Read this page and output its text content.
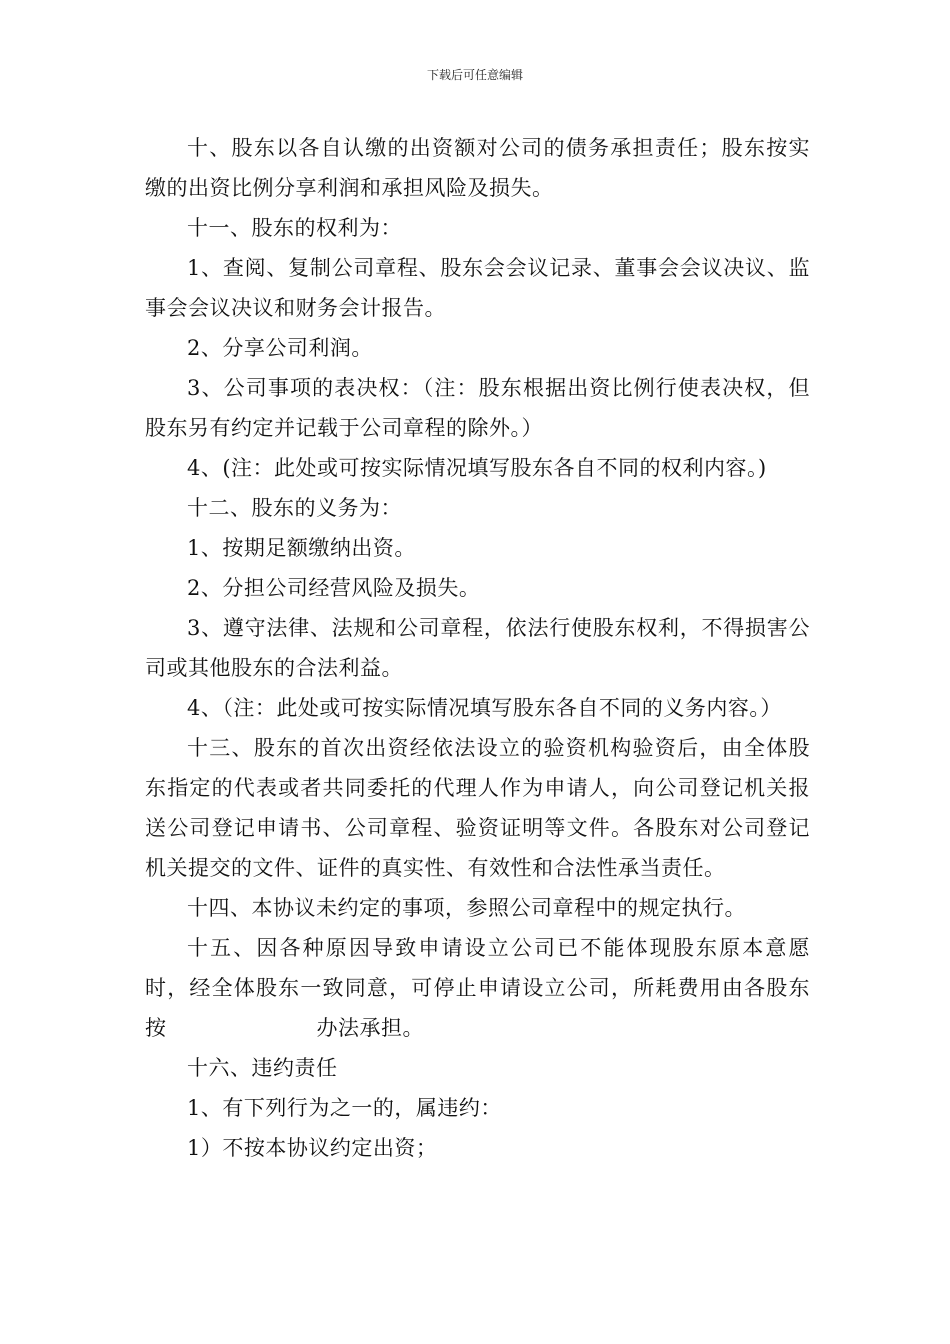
下载后可任意编辑

十、股东以各自认缴的出资额对公司的债务承担责任；股东按实缴的出资比例分享利润和承担风险及损失。

十一、股东的权利为：

1、查阅、复制公司章程、股东会会议记录、董事会会议决议、监事会会议决议和财务会计报告。

2、分享公司利润。

3、公司事项的表决权：（注：股东根据出资比例行使表决权，但股东另有约定并记载于公司章程的除外。）

4、(注：此处或可按实际情况填写股东各自不同的权利内容。)

十二、股东的义务为：

1、按期足额缴纳出资。

2、分担公司经营风险及损失。

3、遵守法律、法规和公司章程，依法行使股东权利，不得损害公司或其他股东的合法利益。

4、（注：此处或可按实际情况填写股东各自不同的义务内容。）

十三、股东的首次出资经依法设立的验资机构验资后，由全体股东指定的代表或者共同委托的代理人作为申请人，向公司登记机关报送公司登记申请书、公司章程、验资证明等文件。各股东对公司登记机关提交的文件、证件的真实性、有效性和合法性承当责任。

十四、本协议未约定的事项，参照公司章程中的规定执行。

十五、因各种原因导致申请设立公司已不能体现股东原本意愿时，经全体股东一致同意，可停止申请设立公司，所耗费用由各股东按	办法承担。

十六、违约责任

1、有下列行为之一的，属违约：

1）不按本协议约定出资；
